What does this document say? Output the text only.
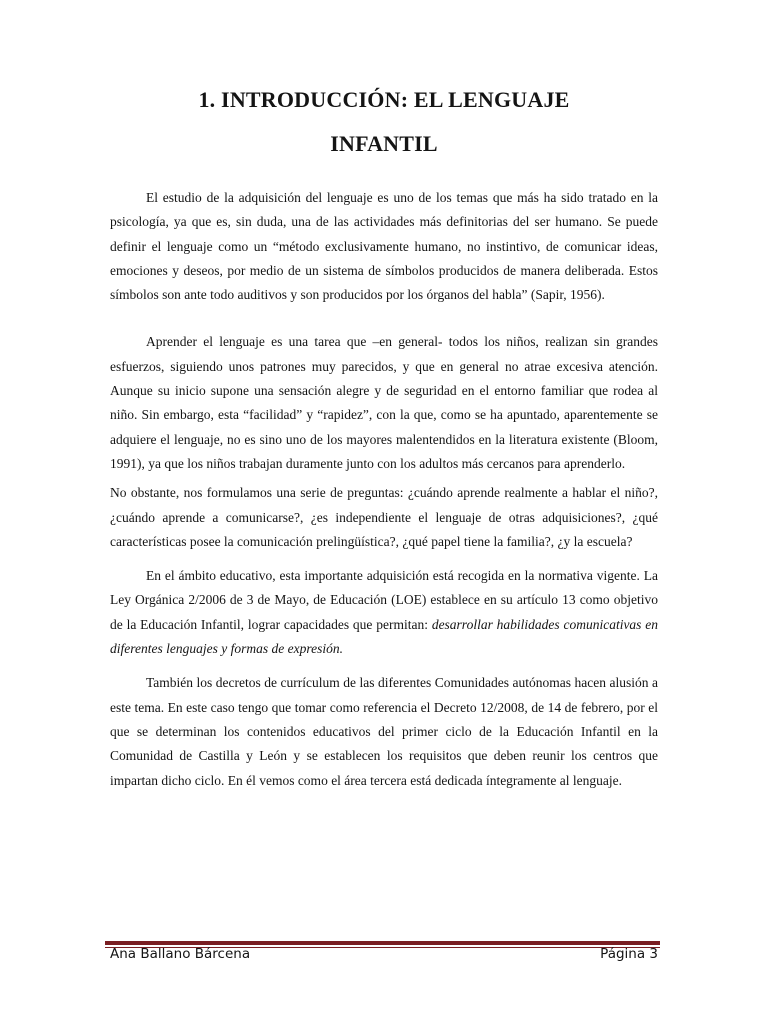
1. INTRODUCCIÓN: EL LENGUAJE
INFANTIL

El estudio de la adquisición del lenguaje es uno de los temas que más ha sido tratado en la psicología, ya que es, sin duda, una de las actividades más definitorias del ser humano. Se puede definir el lenguaje como un “método exclusivamente humano, no instintivo, de comunicar ideas, emociones y deseos, por medio de un sistema de símbolos producidos de manera deliberada. Estos símbolos son ante todo auditivos y son producidos por los órganos del habla” (Sapir, 1956).

Aprender el lenguaje es una tarea que –en general- todos los niños, realizan sin grandes esfuerzos, siguiendo unos patrones muy parecidos, y que en general no atrae excesiva atención. Aunque su inicio supone una sensación alegre y de seguridad en el entorno familiar que rodea al niño. Sin embargo, esta “facilidad” y “rapidez”, con la que, como se ha apuntado, aparentemente se adquiere el lenguaje, no es sino uno de los mayores malentendidos en la literatura existente (Bloom, 1991), ya que los niños trabajan duramente junto con los adultos más cercanos para aprenderlo.

No obstante, nos formulamos una serie de preguntas: ¿cuándo aprende realmente a hablar el niño?, ¿cuándo aprende a comunicarse?, ¿es independiente el lenguaje de otras adquisiciones?, ¿qué características posee la comunicación prelingüística?, ¿qué papel tiene la familia?, ¿y la escuela?

En el ámbito educativo, esta importante adquisición está recogida en la normativa vigente. La Ley Orgánica 2/2006 de 3 de Mayo, de Educación (LOE) establece en su artículo 13 como objetivo de la Educación Infantil, lograr capacidades que permitan: desarrollar habilidades comunicativas en diferentes lenguajes y formas de expresión.

También los decretos de currículum de las diferentes Comunidades autónomas hacen alusión a este tema. En este caso tengo que tomar como referencia el Decreto 12/2008, de 14 de febrero, por el que se determinan los contenidos educativos del primer ciclo de la Educación Infantil en la Comunidad de Castilla y León y se establecen los requisitos que deben reunir los centros que impartan dicho ciclo. En él vemos como el área tercera está dedicada íntegramente al lenguaje.

Ana Ballano Bárcena	Página 3
